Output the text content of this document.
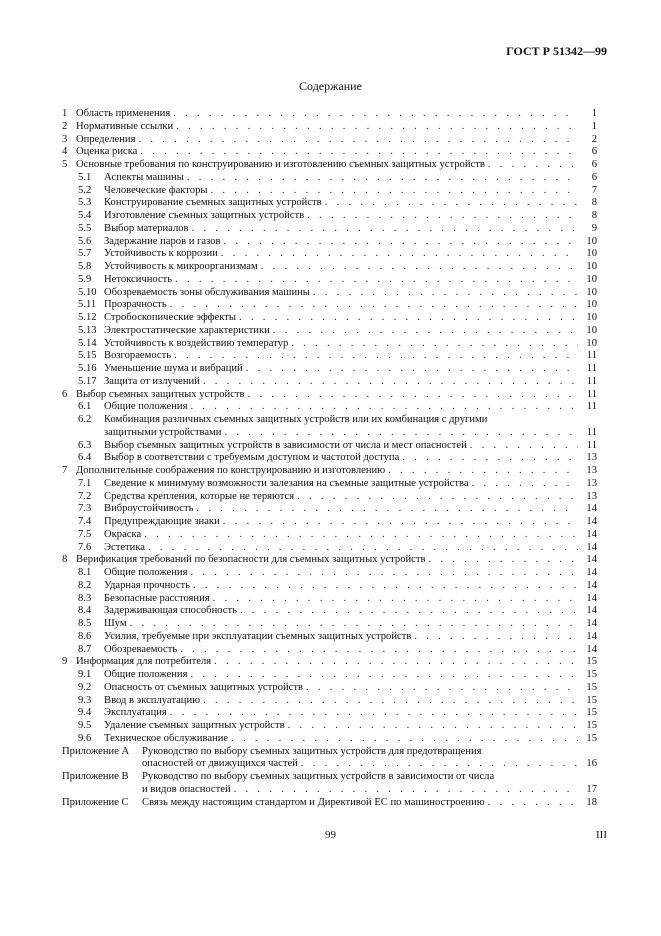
ГОСТ Р 51342—99
Содержание
1 Область применения . . .	1
2 Нормативные ссылки . . .	1
3 Определения . . .	2
4 Оценка риска . . .	6
5 Основные требования по конструированию и изготовлению съемных защитных устройств . . .	6
5.1	Аспекты машины . . .	6
5.2	Человеческие факторы . . .	7
5.3	Конструирование съемных защитных устройств . . .	8
5.4	Изготовление съемных защитных устройств . . .	8
5.5	Выбор материалов . . .	9
5.6	Задержание паров и газов . . .	10
5.7	Устойчивость к коррозии . . .	10
5.8	Устойчивость к микроорганизмам . . .	10
5.9	Нетоксичность . . .	10
5.10 Обозреваемость зоны обслуживания машины . . .	10
5.11 Прозрачность . . .	10
5.12 Стробоскопические эффекты . . .	10
5.13 Электростатические характеристики . . .	10
5.14 Устойчивость к воздействию температур . . .	10
5.15 Возгораемость . . .	11
5.16 Уменьшение шума и вибраций . . .	11
5.17 Защита от излучений . . .	11
6 Выбор съемных защитных устройств . . .	11
6.1	Общие положения . . .	11
6.2	Комбинация различных съемных защитных устройств или их комбинация с другими
защитными устройствами . . .	11
6.3	Выбор съемных защитных устройств в зависимости от числа и мест опасностей . . .	11
6.4	Выбор в соответствии с требуемым доступом и частотой доступа . . .	13
7 Дополнительные соображения по конструированию и изготовлению . . .	13
7.1	Сведение к минимуму возможности залезания на съемные защитные устройства . . .	13
7.2	Средства крепления, которые не теряются . . .	13
7.3	Виброустойчивость . . .	14
7.4	Предупреждающие знаки . . .	14
7.5	Окраска . . .	14
7.6	Эстетика . . .	14
8 Верификация требований по безопасности для съемных защитных устройств . . .	14
8.1	Общие положения . . .	14
8.2	Ударная прочность . . .	14
8.3	Безопасные расстояния . . .	14
8.4	Задерживающая способность . . .	14
8.5	Шум . . .	14
8.6	Усилия, требуемые при эксплуатации съемных защитных устройств . . .	14
8.7	Обозреваемость . . .	14
9 Информация для потребителя . . .	15
9.1	Общие положения . . .	15
9.2	Опасность от съемных защитных устройств . . .	15
9.3	Ввод в эксплуатацию . . .	15
9.4	Эксплуатация . . .	15
9.5	Удаление съемных защитных устройств . . .	15
9.6	Техническое обслуживание . . .	15
Приложение А	Руководство по выбору съемных защитных устройств для предотвращения
опасностей от движущихся частей . . .	16
Приложение В	Руководство по выбору съемных защитных устройств в зависимости от числа
и видов опасностей . . .	17
Приложение С	Связь между настоящим стандартом и Директивой ЕС по машиностроению . . .	18
99	III
